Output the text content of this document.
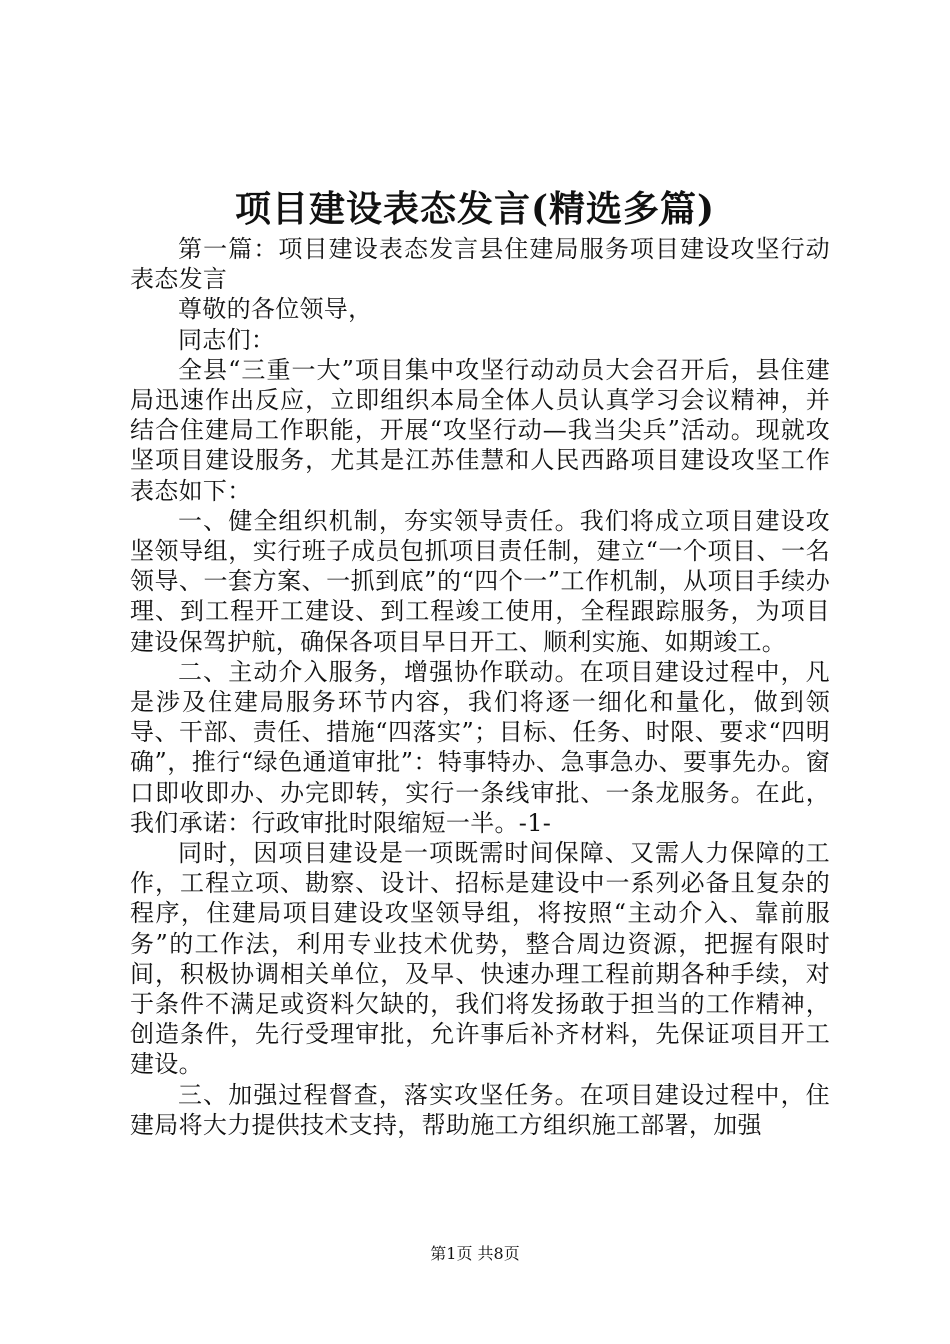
项目建设表态发言(精选多篇)

第一篇：项目建设表态发言县住建局服务项目建设攻坚行动表态发言

尊敬的各位领导，

同志们：

全县“三重一大”项目集中攻坚行动动员大会召开后，县住建局迅速作出反应，立即组织本局全体人员认真学习会议精神，并结合住建局工作职能，开展“攻坚行动—我当尖兵”活动。现就攻坚项目建设服务，尤其是江苏佳慧和人民西路项目建设攻坚工作表态如下：

一、健全组织机制，夯实领导责任。我们将成立项目建设攻坚领导组，实行班子成员包抓项目责任制，建立“一个项目、一名领导、一套方案、一抓到底”的“四个一”工作机制，从项目手续办理、到工程开工建设、到工程竣工使用，全程跟踪服务，为项目建设保驾护航，确保各项目早日开工、顺利实施、如期竣工。

二、主动介入服务，增强协作联动。在项目建设过程中，凡是涉及住建局服务环节内容，我们将逐一细化和量化，做到领导、干部、责任、措施“四落实”；目标、任务、时限、要求“四明确”，推行“绿色通道审批”：特事特办、急事急办、要事先办。窗口即收即办、办完即转，实行一条线审批、一条龙服务。在此，我们承诺：行政审批时限缩短一半。-1-

同时，因项目建设是一项既需时间保障、又需人力保障的工作，工程立项、勘察、设计、招标是建设中一系列必备且复杂的程序，住建局项目建设攻坚领导组，将按照“主动介入、靠前服务”的工作法，利用专业技术优势，整合周边资源，把握有限时间，积极协调相关单位，及早、快速办理工程前期各种手续，对于条件不满足或资料欠缺的，我们将发扬敢于担当的工作精神，创造条件，先行受理审批，允许事后补齐材料，先保证项目开工建设。

三、加强过程督查，落实攻坚任务。在项目建设过程中，住建局将大力提供技术支持，帮助施工方组织施工部署，加强

第1页 共8页
